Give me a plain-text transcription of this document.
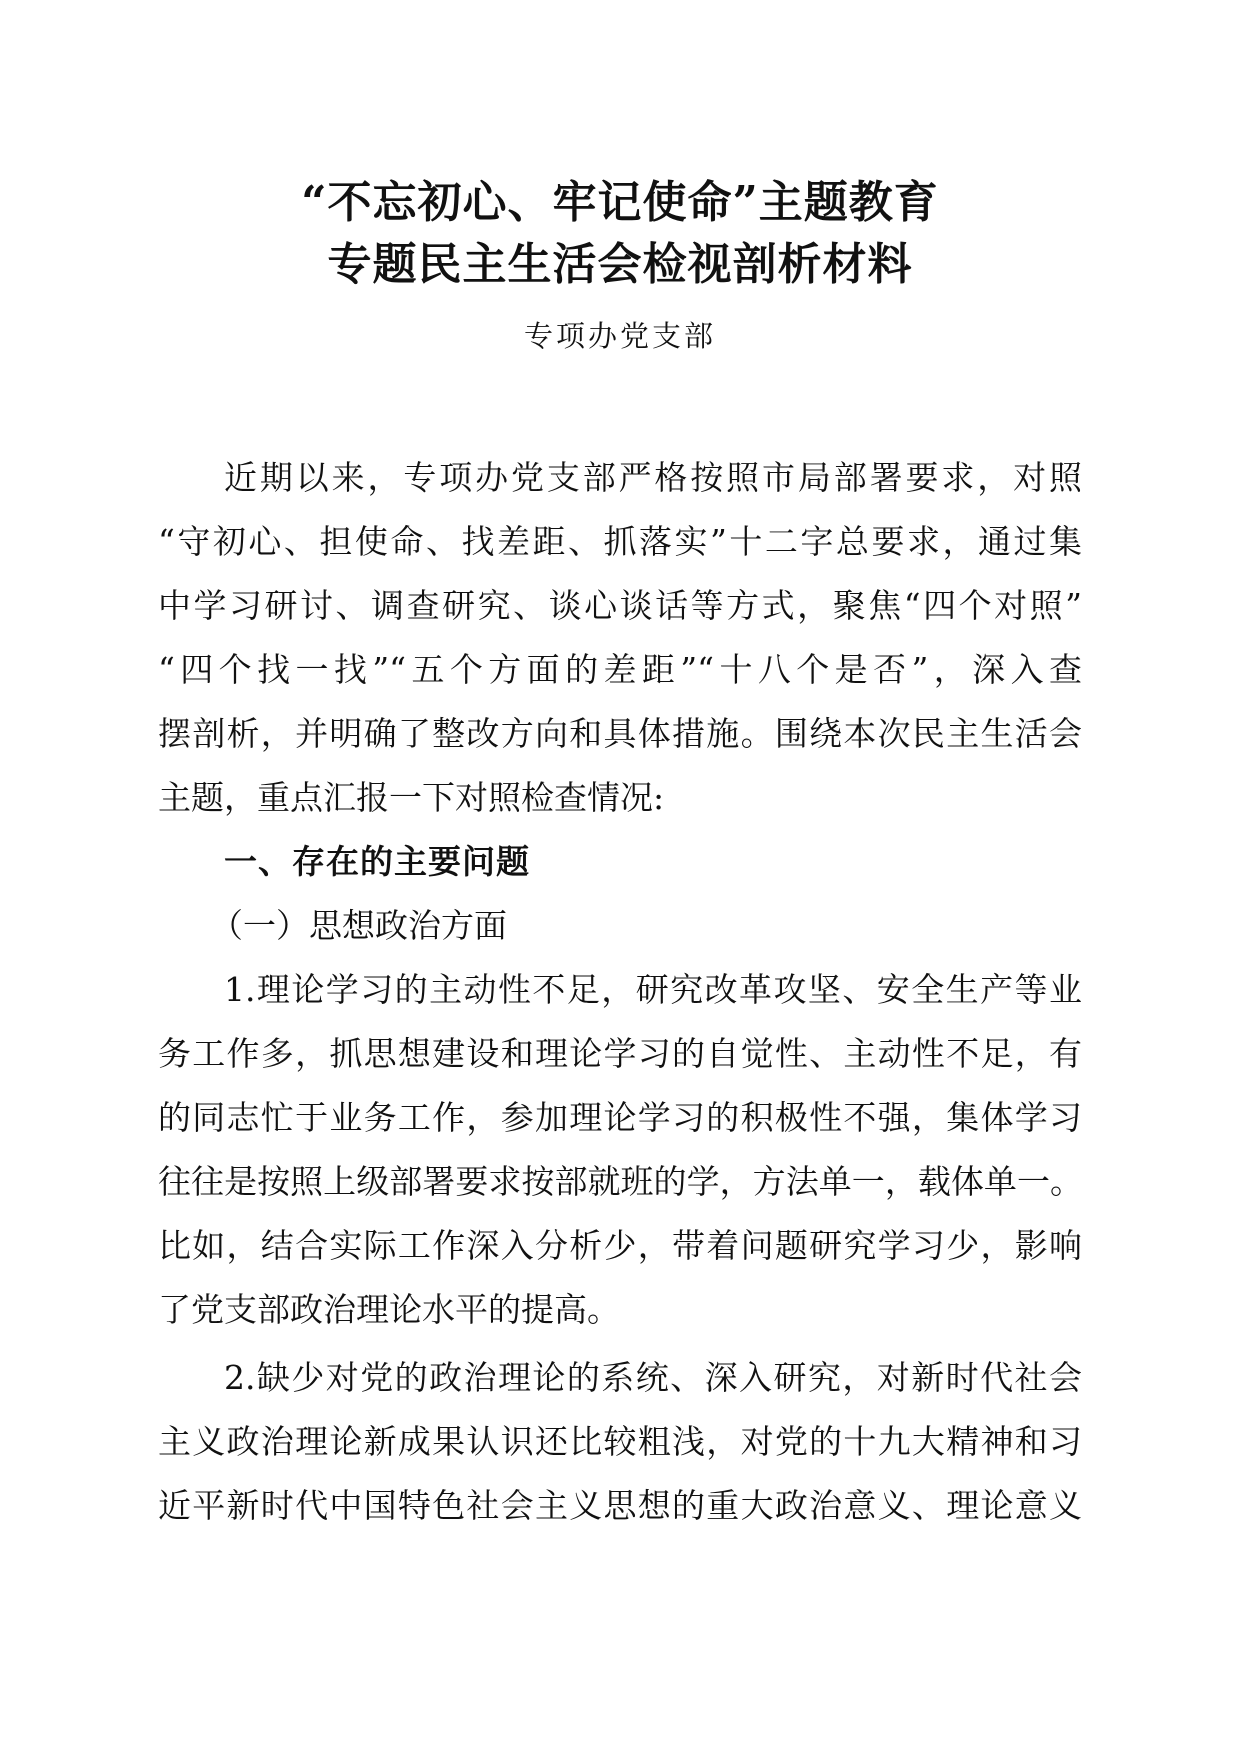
“不忘初心、牢记使命”主题教育
专题民主生活会检视剖析材料
专项办党支部
近期以来，专项办党支部严格按照市局部署要求，对照
“守初心、担使命、找差距、抓落实”十二字总要求，通过集
中学习研讨、调查研究、谈心谈话等方式，聚焦“四个对照”
“四个找一找”“五个方面的差距”“十八个是否”，深入查
摆剖析，并明确了整改方向和具体措施。围绕本次民主生活会
主题，重点汇报一下对照检查情况:
一、存在的主要问题
（一）思想政治方面
1.理论学习的主动性不足，研究改革攻坚、安全生产等业
务工作多，抓思想建设和理论学习的自觉性、主动性不足，有
的同志忙于业务工作，参加理论学习的积极性不强，集体学习
往往是按照上级部署要求按部就班的学，方法单一，载体单一。
比如，结合实际工作深入分析少，带着问题研究学习少，影响
了党支部政治理论水平的提高。
2.缺少对党的政治理论的系统、深入研究，对新时代社会
主义政治理论新成果认识还比较粗浅，对党的十九大精神和习
近平新时代中国特色社会主义思想的重大政治意义、理论意义
